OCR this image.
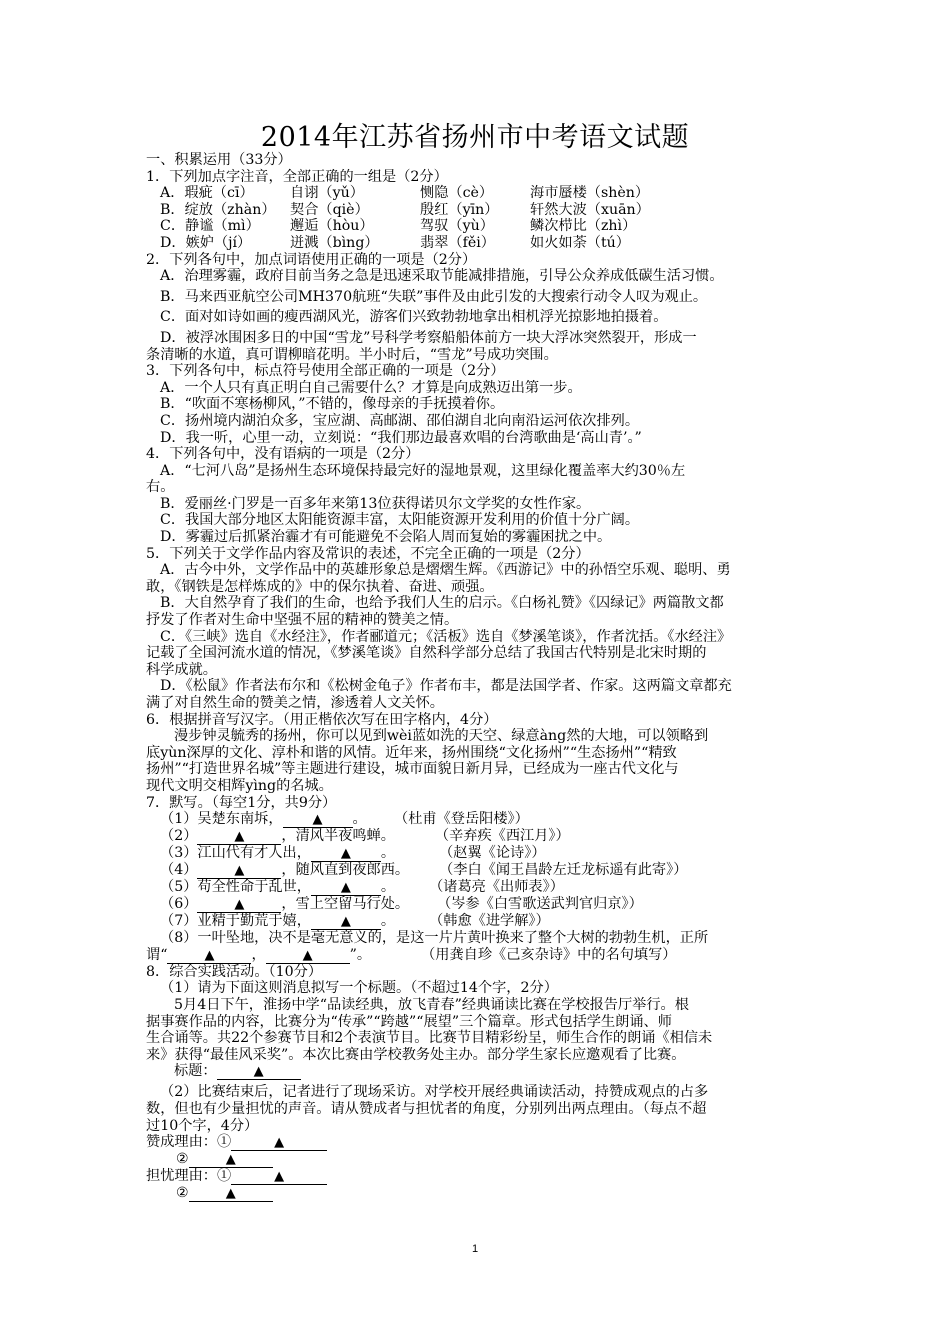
2014年江苏省扬州市中考语文试题

一、积累运用（33分）

1．下列加点字注音，全部正确的一组是（2分）

A．瑕疵（cī）	自诩（yǔ）	恻隐（cè）	海市蜃楼（shèn）

B．绽放（zhàn） 契合（qiè）	殷红（yīn） 轩然大波（xuān）

C．静谧（mì） 邂逅（hòu）	驾驭（yù）	鳞次栉比（zhì）

D．嫉妒（jí）	迸溅（bìng）	翡翠（fěi） 如火如荼（tú）

2．下列各句中，加点词语使用正确的一项是（2分）

A．治理雾霾，政府目前当务之急是迅速采取节能减排措施，引导公众养成低碳生活习惯。

B．马来西亚航空公司MH370航班“失联”事件及由此引发的大搜索行动令人叹为观止。

C．面对如诗如画的瘦西湖风光，游客们兴致勃勃地拿出相机浮光掠影地拍摄着。

D．被浮冰围困多日的中国“雪龙”号科学考察船船体前方一块大浮冰突然裂开，形成一

条清晰的水道，真可谓柳暗花明。半小时后，“雪龙”号成功突围。

3．下列各句中，标点符号使用全部正确的一项是（2分）

A．一个人只有真正明白自己需要什么？才算是向成熟迈出第一步。

B．“吹面不寒杨柳风，”不错的，像母亲的手抚摸着你。

C．扬州境内湖泊众多，宝应湖、高邮湖、邵伯湖自北向南沿运河依次排列。

D．我一听，心里一动，立刻说：“我们那边最喜欢唱的台湾歌曲是‘高山青’。”

4．下列各句中，没有语病的一项是（2分）

A．“七河八岛”是扬州生态环境保持最完好的湿地景观，这里绿化覆盖率大约30％左

右。

B．爱丽丝·门罗是一百多年来第13位获得诺贝尔文学奖的女性作家。

C．我国大部分地区太阳能资源丰富，太阳能资源开发利用的价值十分广阔。

D．雾霾过后抓紧治霾才有可能避免不会陷人周而复始的雾霾困扰之中。

5．下列关于文学作品内容及常识的表述，不完全正确的一项是（2分）

A．古今中外，文学作品中的英雄形象总是熠熠生辉。《西游记》中的孙悟空乐观、聪明、勇

敢，《钢铁是怎样炼成的》中的保尔执着、奋进、顽强。

B．大自然孕育了我们的生命，也给予我们人生的启示。《白杨礼赞》《囚绿记》两篇散文都

抒发了作者对生命中坚强不屈的精神的赞美之情。

C．《三峡》选自《水经注》，作者郦道元；《活板》选自《梦溪笔谈》，作者沈括。《水经注》

记载了全国河流水道的情况，《梦溪笔谈》自然科学部分总结了我国古代特别是北宋时期的

科学成就。

D．《松鼠》作者法布尔和《松树金龟子》作者布丰，都是法国学者、作家。这两篇文章都充

满了对自然生命的赞美之情，渗透着人文关怀。

6．根据拼音写汉字。（用正楷依次写在田字格内，4分）

漫步钟灵毓秀的扬州，你可以见到wèi蓝如洗的天空、绿意àng然的大地，可以领略到

底yùn深厚的文化、淳朴和谐的风情。近年来，扬州围绕“文化扬州”“生态扬州”“精致

扬州”“打造世界名城”等主题进行建设，城市面貌日新月异，已经成为一座古代文化与

现代文明交相辉yìng的名城。

7．默写。（每空1分，共9分）

（1）吴楚东南坼， ▲ 。 （杜甫《登岳阳楼》）

（2）	▲	，清风半夜鸣蝉。	（辛弃疾《西江月》）

（3）江山代有才人出， ▲ 。	（赵翼《论诗》）

（4）	▲	，随风直到夜郎西。 （李白《闻王昌龄左迁龙标遥有此寄》）

（5）苟全性命于乱世， ▲ 。 （诸葛亮《出师表》）

（6）	▲	，雪上空留马行处。 （岑参《白雪歌送武判官归京》）

（7）业精于勤荒于嬉， ▲ 。 （韩愈《进学解》）

（8）一叶坠地，决不是毫无意义的，是这一片片黄叶换来了整个大树的勃勃生机，正所

谓“	▲	，	▲	”。	（用龚自珍《己亥杂诗》中的名句填写）

8．综合实践活动。（10分）

（1）请为下面这则消息拟写一个标题。（不超过14个字，2分）

5月4日下午，淮扬中学“品读经典，放飞青春”经典诵读比赛在学校报告厅举行。根

据事赛作品的内容，比赛分为“传承”“跨越”“展望”三个篇章。形式包括学生朗诵、师

生合诵等。共22个参赛节目和2个表演节目。比赛节目精彩纷呈，师生合作的朗诵《相信未

来》获得“最佳风采奖”。本次比赛由学校教务处主办。部分学生家长应邀观看了比赛。

标题：	▲

（2）比赛结束后，记者进行了现场采访。对学校开展经典诵读活动，持赞成观点的占多

数，但也有少量担忧的声音。请从赞成者与担忧者的角度，分别列出两点理由。（每点不超

过10个字，4分）

赞成理由：①	▲

②	▲

担忧理由：①	▲

②	▲

1
